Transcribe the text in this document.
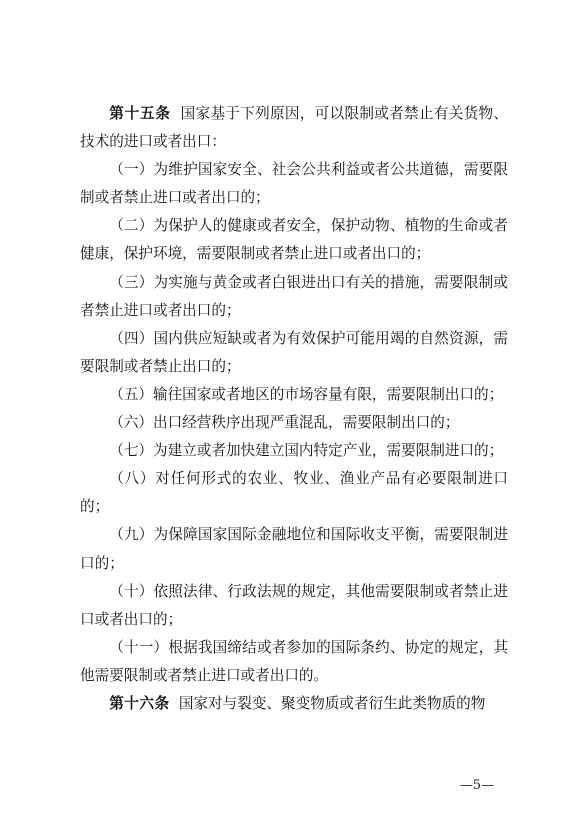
第十五条 国家基于下列原因，可以限制或者禁止有关货物、技术的进口或者出口：

（一）为维护国家安全、社会公共利益或者公共道德，需要限制或者禁止进口或者出口的；

（二）为保护人的健康或者安全，保护动物、植物的生命或者健康，保护环境，需要限制或者禁止进口或者出口的；

（三）为实施与黄金或者白银进出口有关的措施，需要限制或者禁止进口或者出口的；

（四）国内供应短缺或者为有效保护可能用竭的自然资源，需要限制或者禁止出口的；

（五）输往国家或者地区的市场容量有限，需要限制出口的；

（六）出口经营秩序出现严重混乱，需要限制出口的；

（七）为建立或者加快建立国内特定产业，需要限制进口的；

（八）对任何形式的农业、牧业、渔业产品有必要限制进口的；

（九）为保障国家国际金融地位和国际收支平衡，需要限制进口的；

（十）依照法律、行政法规的规定，其他需要限制或者禁止进口或者出口的；

（十一）根据我国缔结或者参加的国际条约、协定的规定，其他需要限制或者禁止进口或者出口的。

第十六条 国家对与裂变、聚变物质或者衍生此类物质的物

—5—
